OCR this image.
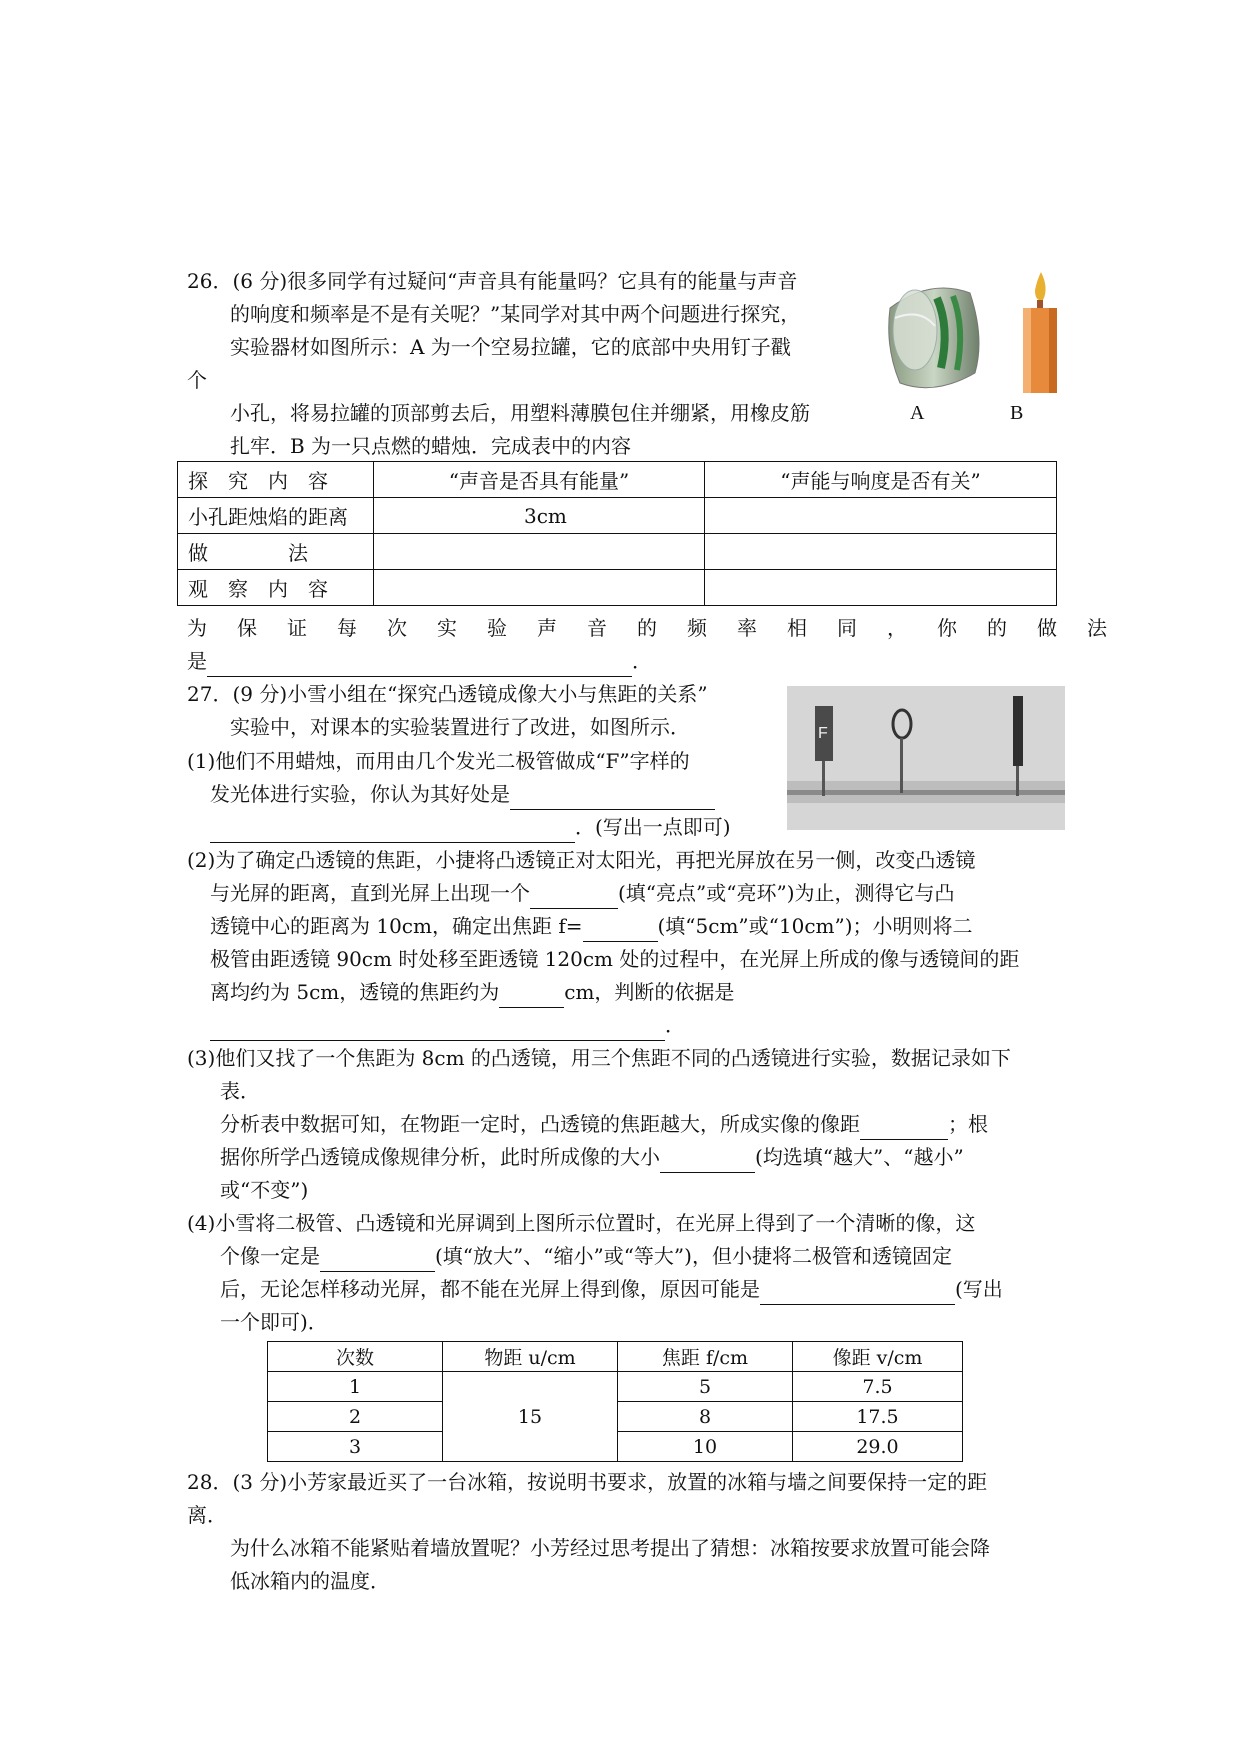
26．(6 分)很多同学有过疑问“声音具有能量吗？它具有的能量与声音
的响度和频率是不是有关呢？”某同学对其中两个问题进行探究，
实验器材如图所示：A 为一个空易拉罐，它的底部中央用钉子戳
个
小孔，将易拉罐的顶部剪去后，用塑料薄膜包住并绷紧，用橡皮筋
扎牢．B 为一只点燃的蜡烛．完成表中的内容
A	B
探　究　内　容	“声音是否具有能量”	“声能与响度是否有关”
小孔距烛焰的距离	3cm	
做　　　　法		
观　察　内　容		
为保证每次实验声音的频率相同，你的做法
是	．
27．(9 分)小雪小组在“探究凸透镜成像大小与焦距的关系”
实验中，对课本的实验装置进行了改进，如图所示．	F
(1)他们不用蜡烛，而用由几个发光二极管做成“F”字样的
发光体进行实验，你认为其好处是
．(写出一点即可)
(2)为了确定凸透镜的焦距，小捷将凸透镜正对太阳光，再把光屏放在另一侧，改变凸透镜
与光屏的距离，直到光屏上出现一个	(填“亮点”或“亮环”)为止，测得它与凸
透镜中心的距离为 10cm，确定出焦距 f=	(填“5cm”或“10cm”)；小明则将二
极管由距透镜 90cm 时处移至距透镜 120cm 处的过程中，在光屏上所成的像与透镜间的距
离均约为 5cm，透镜的焦距约为	cm，判断的依据是
．
(3)他们又找了一个焦距为 8cm 的凸透镜，用三个焦距不同的凸透镜进行实验，数据记录如下
表．
分析表中数据可知，在物距一定时，凸透镜的焦距越大，所成实像的像距	；根
据你所学凸透镜成像规律分析，此时所成像的大小	(均选填“越大”、“越小”
或“不变”)
(4)小雪将二极管、凸透镜和光屏调到上图所示位置时，在光屏上得到了一个清晰的像，这
个像一定是	(填“放大”、“缩小”或“等大”)，但小捷将二极管和透镜固定
后，无论怎样移动光屏，都不能在光屏上得到像，原因可能是	(写出
一个即可)．
次数	物距 u/cm	焦距 f/cm	像距 v/cm
1	15	5	7.5
2		8	17.5
3		10	29.0
28．(3 分)小芳家最近买了一台冰箱，按说明书要求，放置的冰箱与墙之间要保持一定的距
离．
为什么冰箱不能紧贴着墙放置呢？小芳经过思考提出了猜想：冰箱按要求放置可能会降
低冰箱内的温度．
